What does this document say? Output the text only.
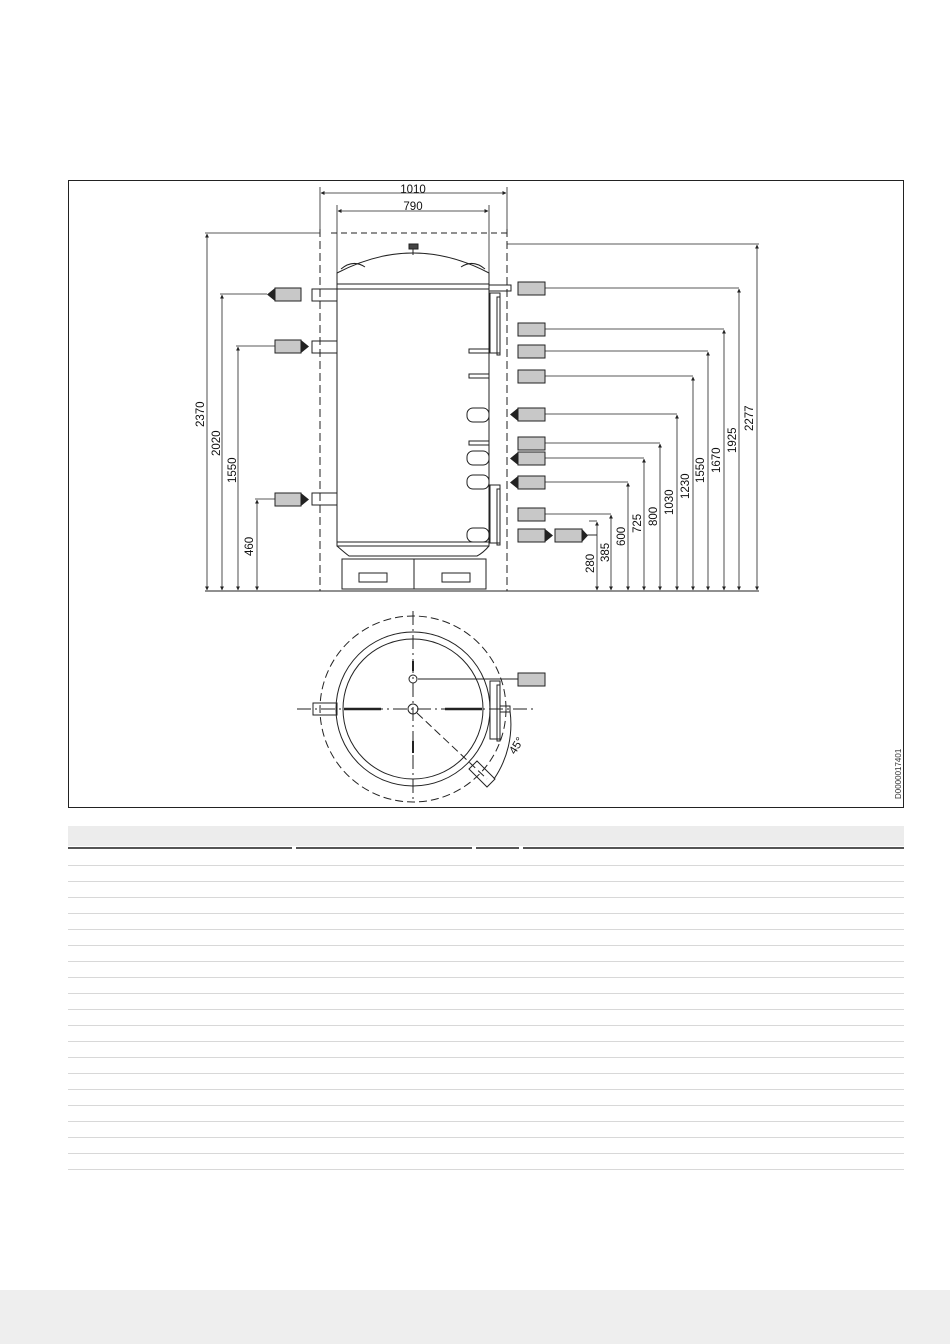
1010
790
2370
2020
1550
460
280
385
600
725 800
1030
1230
1550 1670
1925
2277
45°
D0000017401
